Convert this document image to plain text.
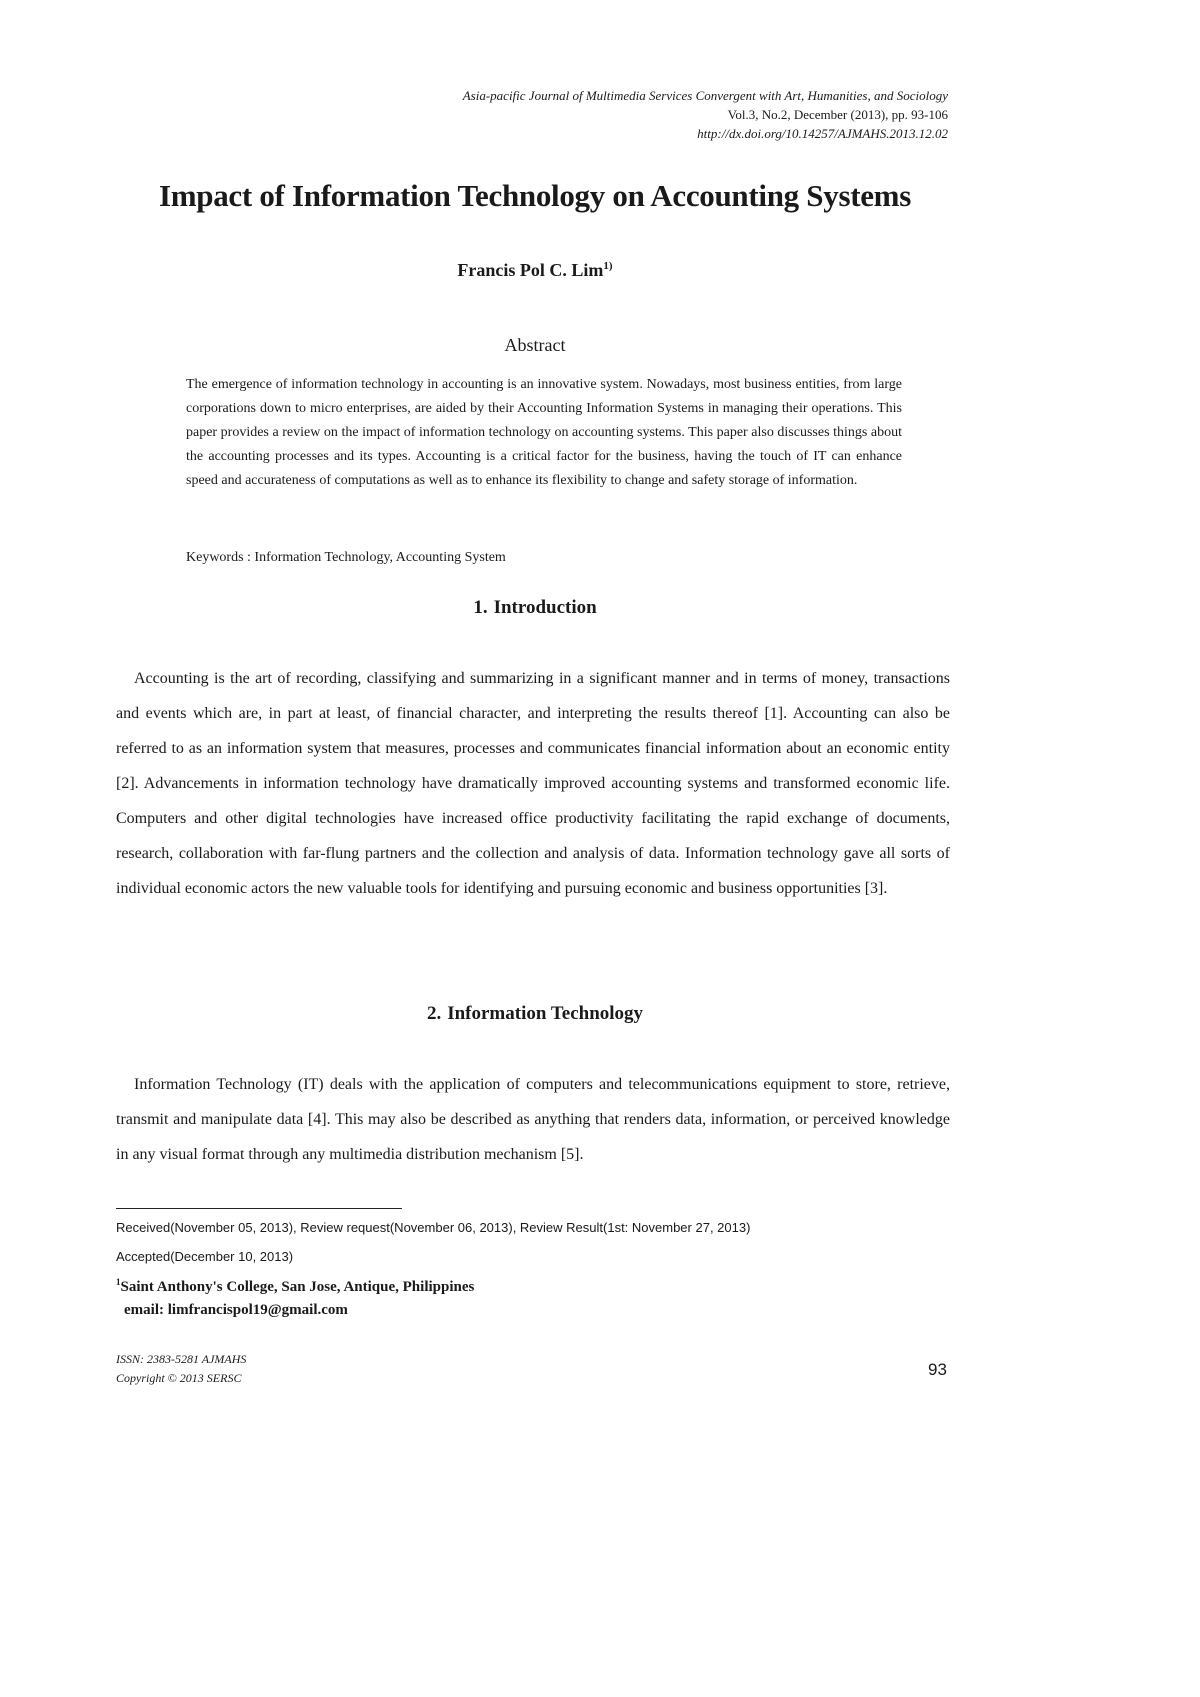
Asia-pacific Journal of Multimedia Services Convergent with Art, Humanities, and Sociology
Vol.3, No.2, December (2013), pp. 93-106
http://dx.doi.org/10.14257/AJMAHS.2013.12.02
Impact of Information Technology on Accounting Systems
Francis Pol C. Lim$^{1)}$
Abstract

The emergence of information technology in accounting is an innovative system. Nowadays, most business entities, from large corporations down to micro enterprises, are aided by their Accounting Information Systems in managing their operations. This paper provides a review on the impact of information technology on accounting systems. This paper also discusses things about the accounting processes and its types. Accounting is a critical factor for the business, having the touch of IT can enhance speed and accurateness of computations as well as to enhance its flexibility to change and safety storage of information.

Keywords : Information Technology, Accounting System
1. Introduction

Accounting is the art of recording, classifying and summarizing in a significant manner and in terms of money, transactions and events which are, in part at least, of financial character, and interpreting the results thereof [1]. Accounting can also be referred to as an information system that measures, processes and communicates financial information about an economic entity [2]. Advancements in information technology have dramatically improved accounting systems and transformed economic life. Computers and other digital technologies have increased office productivity facilitating the rapid exchange of documents, research, collaboration with far-flung partners and the collection and analysis of data. Information technology gave all sorts of individual economic actors the new valuable tools for identifying and pursuing economic and business opportunities [3].

2. Information Technology

Information Technology (IT) deals with the application of computers and telecommunications equipment to store, retrieve, transmit and manipulate data [4]. This may also be described as anything that renders data, information, or perceived knowledge in any visual format through any multimedia distribution mechanism [5].

Received(November 05, 2013), Review request(November 06, 2013), Review Result(1st: November 27, 2013)
Accepted(December 10, 2013)
$^1$Saint Anthony's College, San Jose, Antique, Philippines
email: limfrancispol19@gmail.com
ISSN: 2383-5281 AJMAHS
Copyright © 2013 SERSC	93
